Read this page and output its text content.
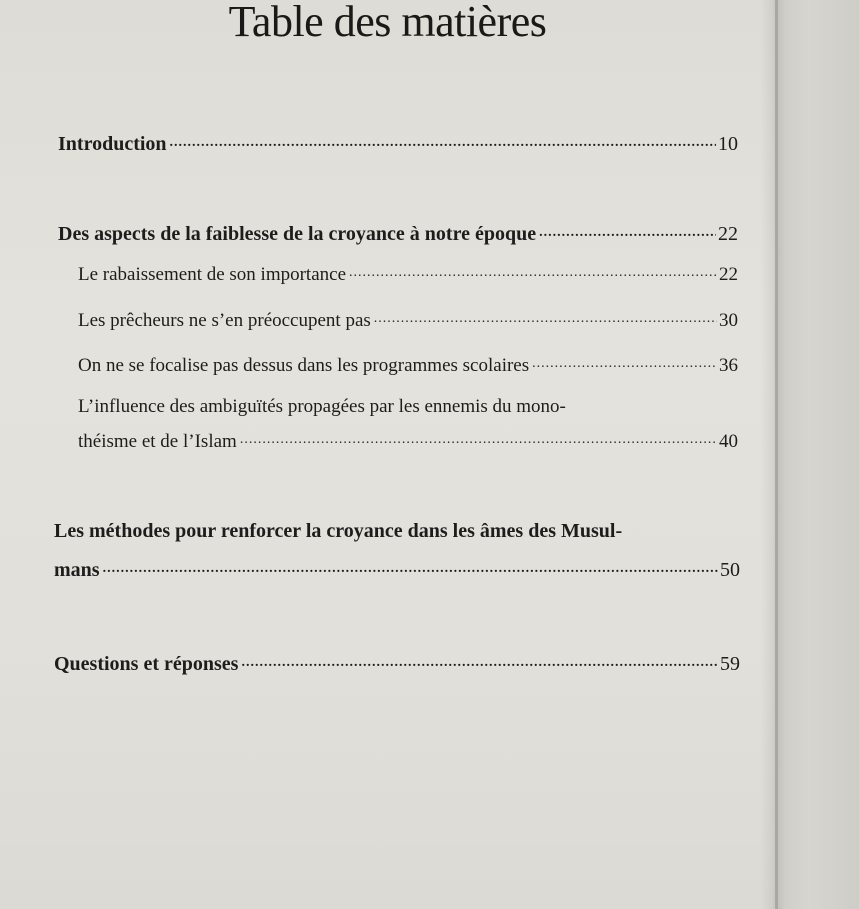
Table des matières
Introduction .....	10
Des aspects de la faiblesse de la croyance à notre époque .....	22
Le rabaissement de son importance .....	22
Les prêcheurs ne s’en préoccupent pas .....	30
On ne se focalise pas dessus dans les programmes scolaires .....	36
L’influence des ambiguïtés propagées par les ennemis du mono-
théisme et de l’Islam .....	40
Les méthodes pour renforcer la croyance dans les âmes des Musul-
mans .....	50
Questions et réponses .....	59
